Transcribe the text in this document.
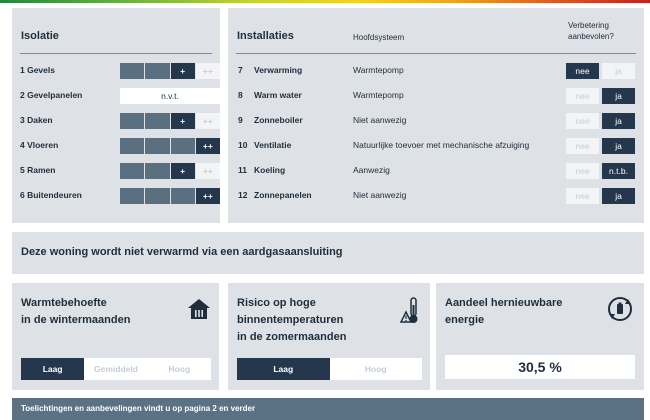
Isolatie
1 Gevels	+	++
2 Gevelpanelen	n.v.t.
3 Daken	+	++
4 Vloeren	++
5 Ramen	+	++
6 Buitendeuren	++
Installaties	Hoofdsysteem
Verbetering
aanbevolen?
7 Verwarming	Warmtepomp	nee	ja
8 Warm water	Warmtepomp	nee	ja
9 Zonneboiler	Niet aanwezig	nee	ja
10 Ventilatie	Natuurlijke toevoer met mechanische afzuiging	nee	ja
11 Koeling	Aanwezig	nee	n.t.b.
12 Zonnepanelen	Niet aanwezig	nee	ja
Deze woning wordt niet verwarmd via een aardgasaansluiting
Warmtebehoefte
in de wintermaanden
Laag	Gemiddeld	Hoog
Risico op hoge
binnentemperaturen
in de zomermaanden
Laag	Hoog
Aandeel hernieuwbare
energie
30,5 %
Toelichtingen en aanbevelingen vindt u op pagina 2 en verder
